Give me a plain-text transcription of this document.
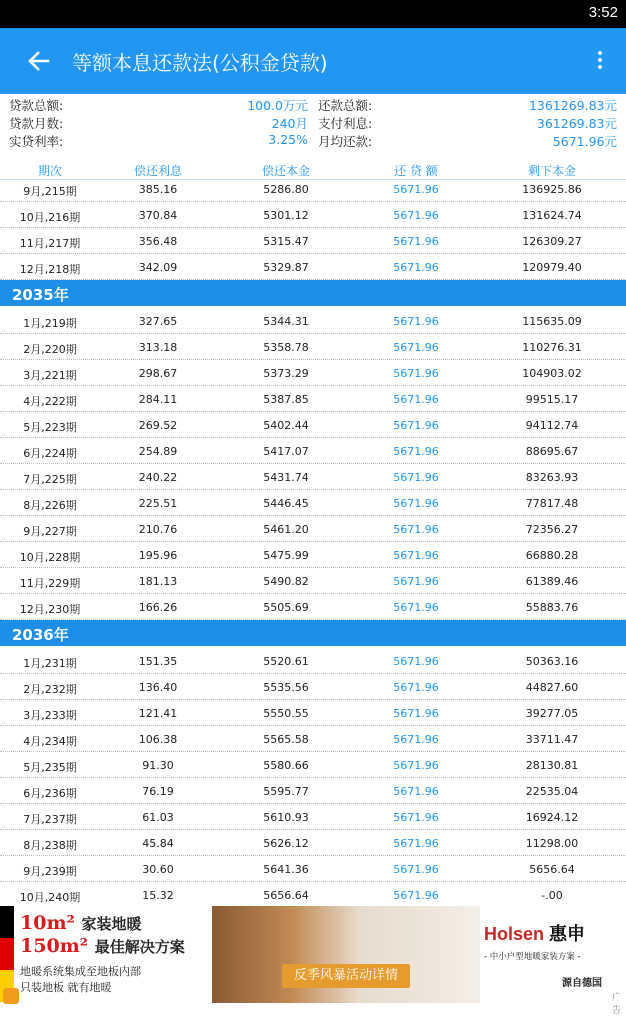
3:52
等额本息还款法(公积金贷款)
贷款总额:	100.0万元 还款总额:	1361269.83元
贷款月数:	240月 支付利息:	361269.83元
实贷利率:	3.25% 月均还款:	5671.96元
期次	偿还利息	偿还本金	还 贷 额	剩下本金
9月,215期	385.16	5286.80	5671.96	136925.86
10月,216期	370.84	5301.12	5671.96	131624.74
11月,217期	356.48	5315.47	5671.96	126309.27
12月,218期	342.09	5329.87	5671.96	120979.40
2035年
1月,219期	327.65	5344.31	5671.96	115635.09
2月,220期	313.18	5358.78	5671.96	110276.31
3月,221期	298.67	5373.29	5671.96	104903.02
4月,222期	284.11	5387.85	5671.96	99515.17
5月,223期	269.52	5402.44	5671.96	94112.74
6月,224期	254.89	5417.07	5671.96	88695.67
7月,225期	240.22	5431.74	5671.96	83263.93
8月,226期	225.51	5446.45	5671.96	77817.48
9月,227期	210.76	5461.20	5671.96	72356.27
10月,228期	195.96	5475.99	5671.96	66880.28
11月,229期	181.13	5490.82	5671.96	61389.46
12月,230期	166.26	5505.69	5671.96	55883.76
2036年
1月,231期	151.35	5520.61	5671.96	50363.16
2月,232期	136.40	5535.56	5671.96	44827.60
3月,233期	121.41	5550.55	5671.96	39277.05
4月,234期	106.38	5565.58	5671.96	33711.47
5月,235期	91.30	5580.66	5671.96	28130.81
6月,236期	76.19	5595.77	5671.96	22535.04
7月,237期	61.03	5610.93	5671.96	16924.12
8月,238期	45.84	5626.12	5671.96	11298.00
9月,239期	30.60	5641.36	5671.96	5656.64
10月,240期	15.32	5656.64	5671.96	-.00
10m² 家装地暖
150m² 最佳解决方案
地暖系统集成至地板内部
只装地板 就有地暖
反季风暴活动详情
Holsen 惠申
- 中小户型地暖家装方案 -
源自德国
广告
